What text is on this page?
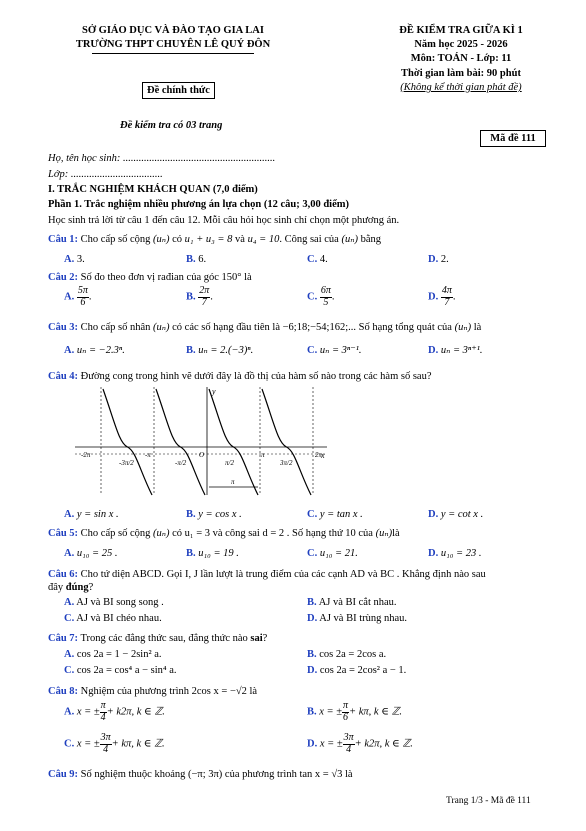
SỞ GIÁO DỤC VÀ ĐÀO TẠO GIA LAI
TRƯỜNG THPT CHUYÊN LÊ QUÝ ĐÔN
Đề chính thức
Đề kiểm tra có 03 trang
ĐỀ KIỂM TRA GIỮA KÌ 1
Năm học 2025 - 2026
Môn: TOÁN - Lớp: 11
Thời gian làm bài: 90 phút
(Không kể thời gian phát đề)
Mã đề 111
Họ, tên học sinh: ..........................................................
Lớp: ...................................
I. TRẮC NGHIỆM KHÁCH QUAN (7,0 điểm)
Phần 1. Trắc nghiệm nhiều phương án lựa chọn (12 câu; 3,00 điểm)
Học sinh trả lời từ câu 1 đến câu 12. Mỗi câu hỏi học sinh chỉ chọn một phương án.
Câu 1: Cho cấp số cộng (uₙ) có u₁ + u₃ = 8 và u₄ = 10. Công sai của (uₙ) bằng
A. 3.	B. 6.	C. 4.	D. 2.
Câu 2: Số đo theo đơn vị rađian của góc 150° là
A. $\frac{5\pi}{6}$ .	B. $\frac{2\pi}{7}$ .	C. $\frac{6\pi}{5}$ .	D. $\frac{4\pi}{7}$ .
Câu 3: Cho cấp số nhân (uₙ) có các số hạng đầu tiên là −6;18;−54;162;... Số hạng tổng quát của (uₙ) là
A. uₙ = −2.3ⁿ.	B. uₙ = 2.(−3)ⁿ.	C. uₙ = 3ⁿ⁻¹.	D. uₙ = 3ⁿ⁺¹.
Câu 4: Đường cong trong hình vẽ dưới đây là đồ thị của hàm số nào trong các hàm số sau?
y
x
π
-2π
-3π/2
-π
-π/2
O
π/2
π
3π/2
2π
A. y = sin x .	B. y = cos x .	C. y = tan x .	D. y = cot x .
Câu 5: Cho cấp số cộng (uₙ) có u₁ = 3 và công sai d = 2 . Số hạng thứ 10 của (uₙ)là
A. u₁₀ = 25 .	B. u₁₀ = 19 .	C. u₁₀ = 21.	D. u₁₀ = 23 .
Câu 6: Cho tứ diện ABCD. Gọi I, J lần lượt là trung điểm của các cạnh AD và BC . Khẳng định nào sau
đây đúng?
A. AJ và BI song song .	B. AJ và BI cắt nhau.
C. AJ và BI chéo nhau.	D. AJ và BI trùng nhau.
Câu 7: Trong các đẳng thức sau, đẳng thức nào sai?
A. cos 2a = 1 − 2sin² a.	B. cos 2a = 2cos a.
C. cos 2a = cos⁴ a − sin⁴ a.	D. cos 2a = 2cos² a − 1.
Câu 8: Nghiệm của phương trình 2cos x = −√2 là
A. x = ± $\frac{\pi}{4} + k2\pi$, k ∈ ℤ.	B. x = ± $\frac{\pi}{6} + k\pi$, k ∈ ℤ.
C. x = ± $\frac{3\pi}{4} + k\pi$, k ∈ ℤ.	D. x = ± $\frac{3\pi}{4} + k2\pi$, k ∈ ℤ.
Câu 9: Số nghiệm thuộc khoảng (−π; 3π) của phương trình tan x = √3 là
Trang 1/3 - Mã đề 111
